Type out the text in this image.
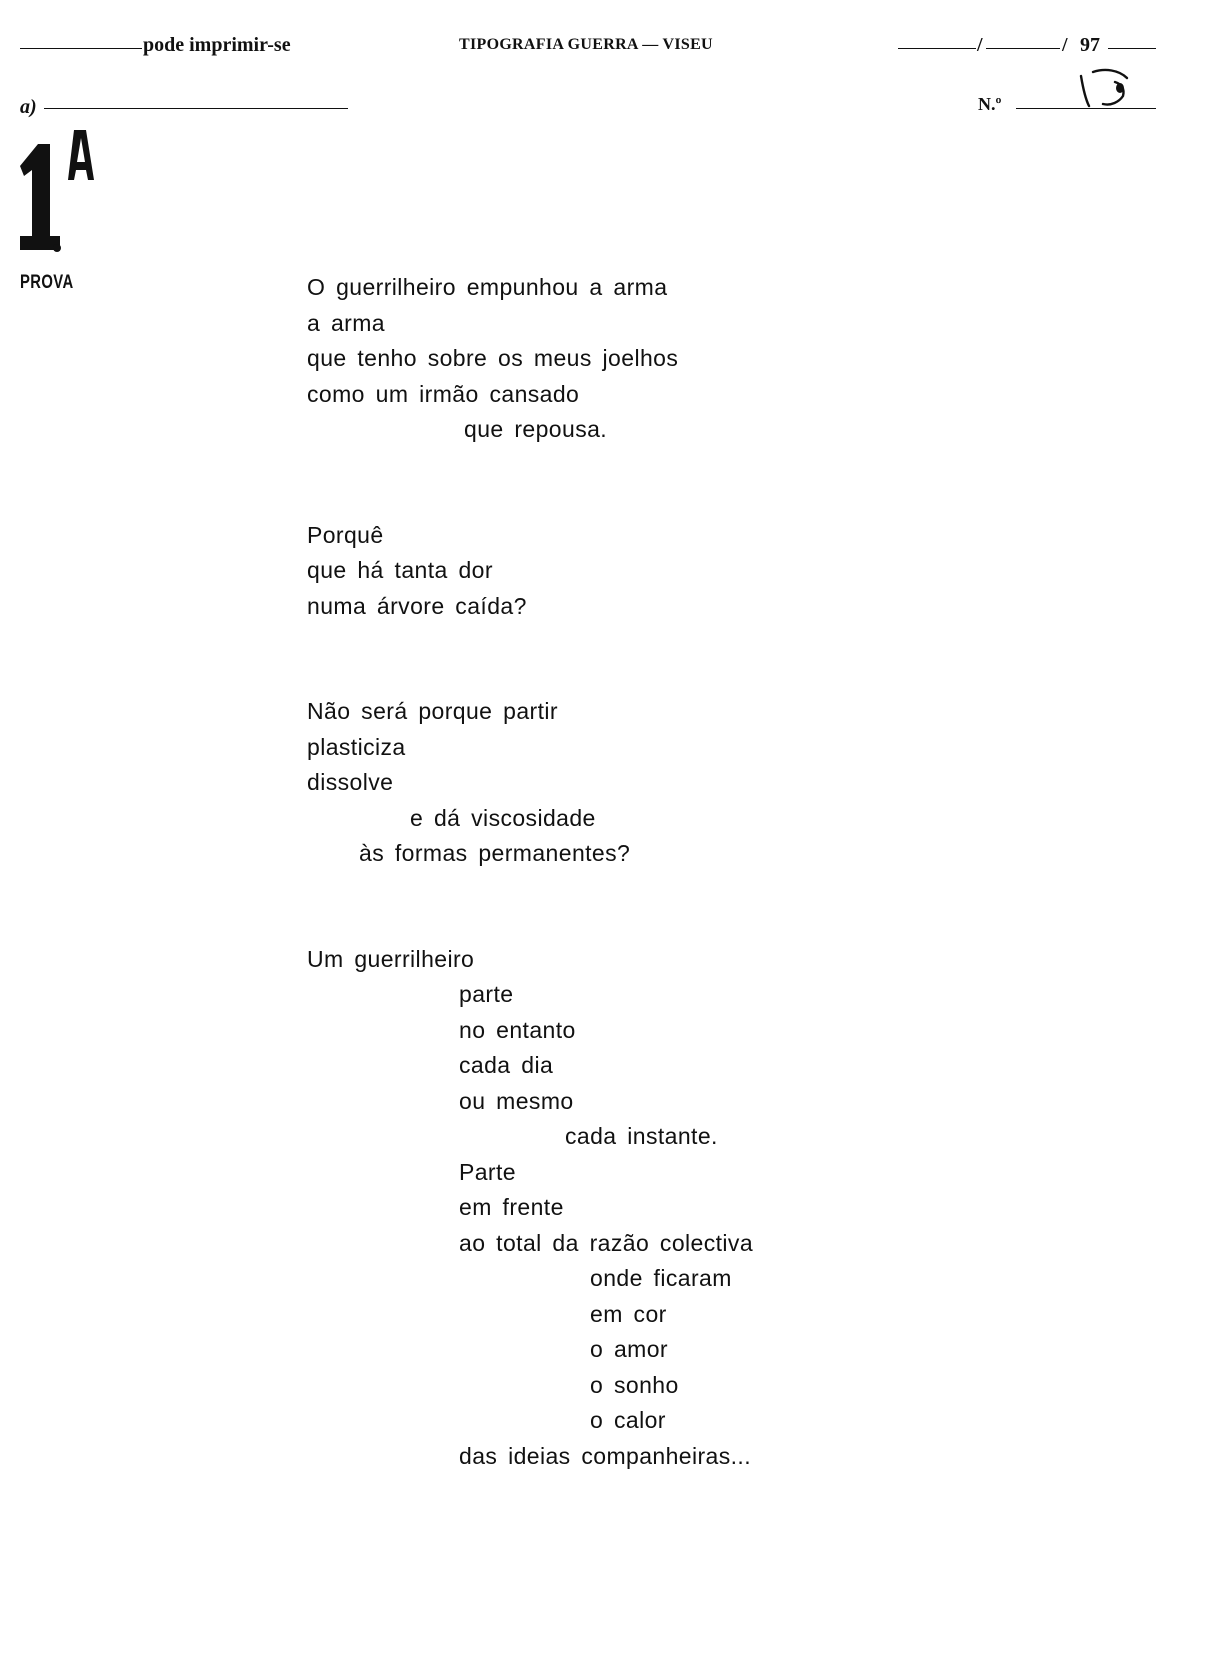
pode imprimir-se	TIPOGRAFIA GUERRA — VISEU	/	/ 97
a)	N.º
PROVA	O guerrilheiro empunhou a arma
a arma
que tenho sobre os meus joelhos
como um irmão cansado
que repousa.
Porquê
que há tanta dor
numa árvore caída?
Não será porque partir
plasticiza
dissolve
e dá viscosidade
às formas permanentes?
Um guerrilheiro
parte
no entanto
cada dia
ou mesmo
cada instante.
Parte
em frente
ao total da razão colectiva
onde ficaram
em cor
o amor
o sonho
o calor
das ideias companheiras...
